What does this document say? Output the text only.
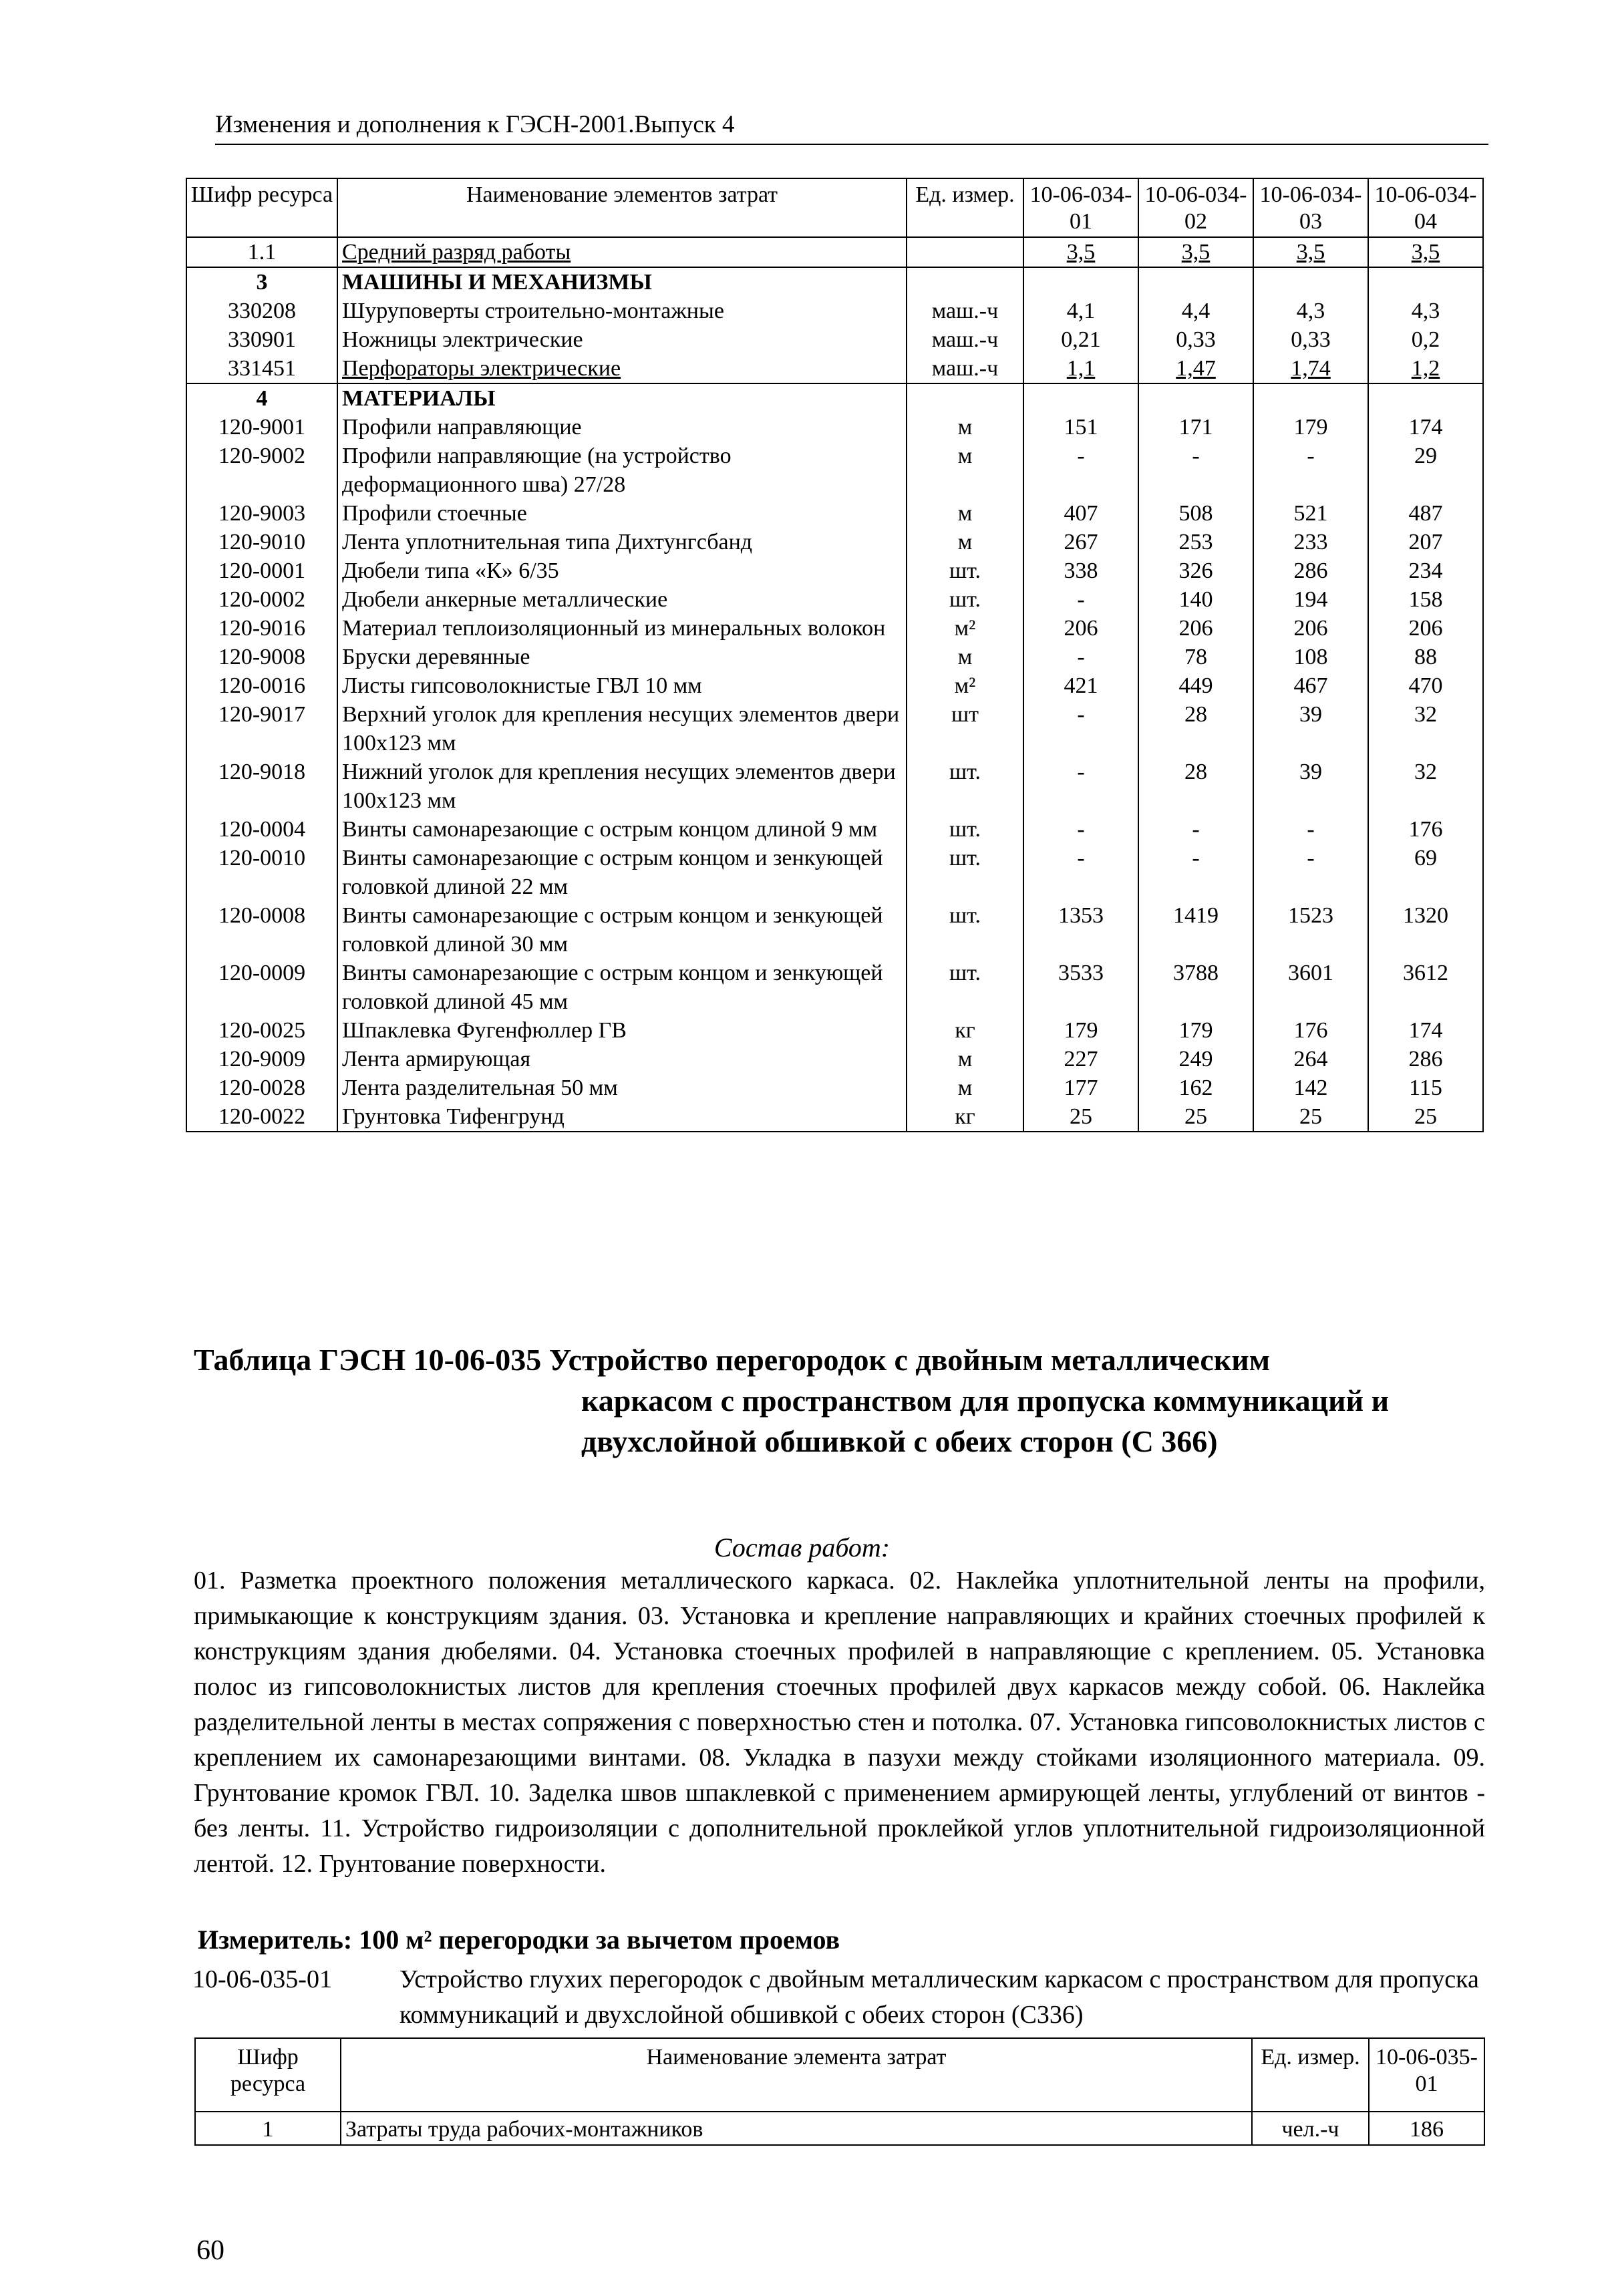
Изменения и дополнения к ГЭСН-2001.Выпуск 4
Шифр ресурса	Наименование элементов затрат	Ед. измер.	10-06-034-01	10-06-034-02	10-06-034-03	10-06-034-04
1.1	Средний разряд работы		3,5	3,5	3,5	3,5
3	МАШИНЫ И МЕХАНИЗМЫ					
330208	Шуруповерты строительно-монтажные	маш.-ч	4,1	4,4	4,3	4,3
330901	Ножницы электрические	маш.-ч	0,21	0,33	0,33	0,2
331451	Перфораторы электрические	маш.-ч	1,1	1,47	1,74	1,2
4	МАТЕРИАЛЫ					
120-9001	Профили направляющие	м	151	171	179	174
120-9002	Профили направляющие (на устройство деформационного шва) 27/28	м	-	-	-	29
120-9003	Профили стоечные	м	407	508	521	487
120-9010	Лента уплотнительная типа Дихтунгсбанд	м	267	253	233	207
120-0001	Дюбели типа «К» 6/35	шт.	338	326	286	234
120-0002	Дюбели анкерные металлические	шт.	-	140	194	158
120-9016	Материал теплоизоляционный из минеральных волокон	м²	206	206	206	206
120-9008	Бруски деревянные	м	-	78	108	88
120-0016	Листы гипсоволокнистые ГВЛ 10 мм	м²	421	449	467	470
120-9017	Верхний уголок для крепления несущих элементов двери 100х123 мм	шт	-	28	39	32
120-9018	Нижний уголок для крепления несущих элементов двери 100х123 мм	шт.	-	28	39	32
120-0004	Винты самонарезающие с острым концом длиной 9 мм	шт.	-	-	-	176
120-0010	Винты самонарезающие с острым концом и зенкующей головкой длиной 22 мм	шт.	-	-	-	69
120-0008	Винты самонарезающие с острым концом и зенкующей головкой длиной 30 мм	шт.	1353	1419	1523	1320
120-0009	Винты самонарезающие с острым концом и зенкующей головкой длиной 45 мм	шт.	3533	3788	3601	3612
120-0025	Шпаклевка Фугенфюллер ГВ	кг	179	179	176	174
120-9009	Лента армирующая	м	227	249	264	286
120-0028	Лента разделительная 50 мм	м	177	162	142	115
120-0022	Грунтовка Тифенгрунд	кг	25	25	25	25
Таблица ГЭСН 10-06-035 Устройство перегородок с двойным металлическим
каркасом с пространством для пропуска коммуникаций и
двухслойной обшивкой с обеих сторон (С 366)
Состав работ:
01. Разметка проектного положения металлического каркаса. 02. Наклейка уплотнительной ленты на профили, примыкающие к конструкциям здания. 03. Установка и крепление направляющих и крайних стоечных профилей к конструкциям здания дюбелями. 04. Установка стоечных профилей в направляющие с креплением. 05. Установка полос из гипсоволокнистых листов для крепления стоечных профилей двух каркасов между собой. 06. Наклейка разделительной ленты в местах сопряжения с поверхностью стен и потолка. 07. Установка гипсоволокнистых листов с креплением их самонарезающими винтами. 08. Укладка в пазухи между стойками изоляционного материала. 09. Грунтование кромок ГВЛ. 10. Заделка швов шпаклевкой с применением армирующей ленты, углублений от винтов - без ленты. 11. Устройство гидроизоляции с дополнительной проклейкой углов уплотнительной гидроизоляционной лентой. 12. Грунтование поверхности.
Измеритель: 100 м² перегородки за вычетом проемов
10-06-035-01	Устройство глухих перегородок с двойным металлическим каркасом с пространством для пропуска коммуникаций и двухслойной обшивкой с обеих сторон (С336)
Шифр ресурса	Наименование элемента затрат	Ед. измер.	10-06-035-01
1	Затраты труда рабочих-монтажников	чел.-ч	186
60
